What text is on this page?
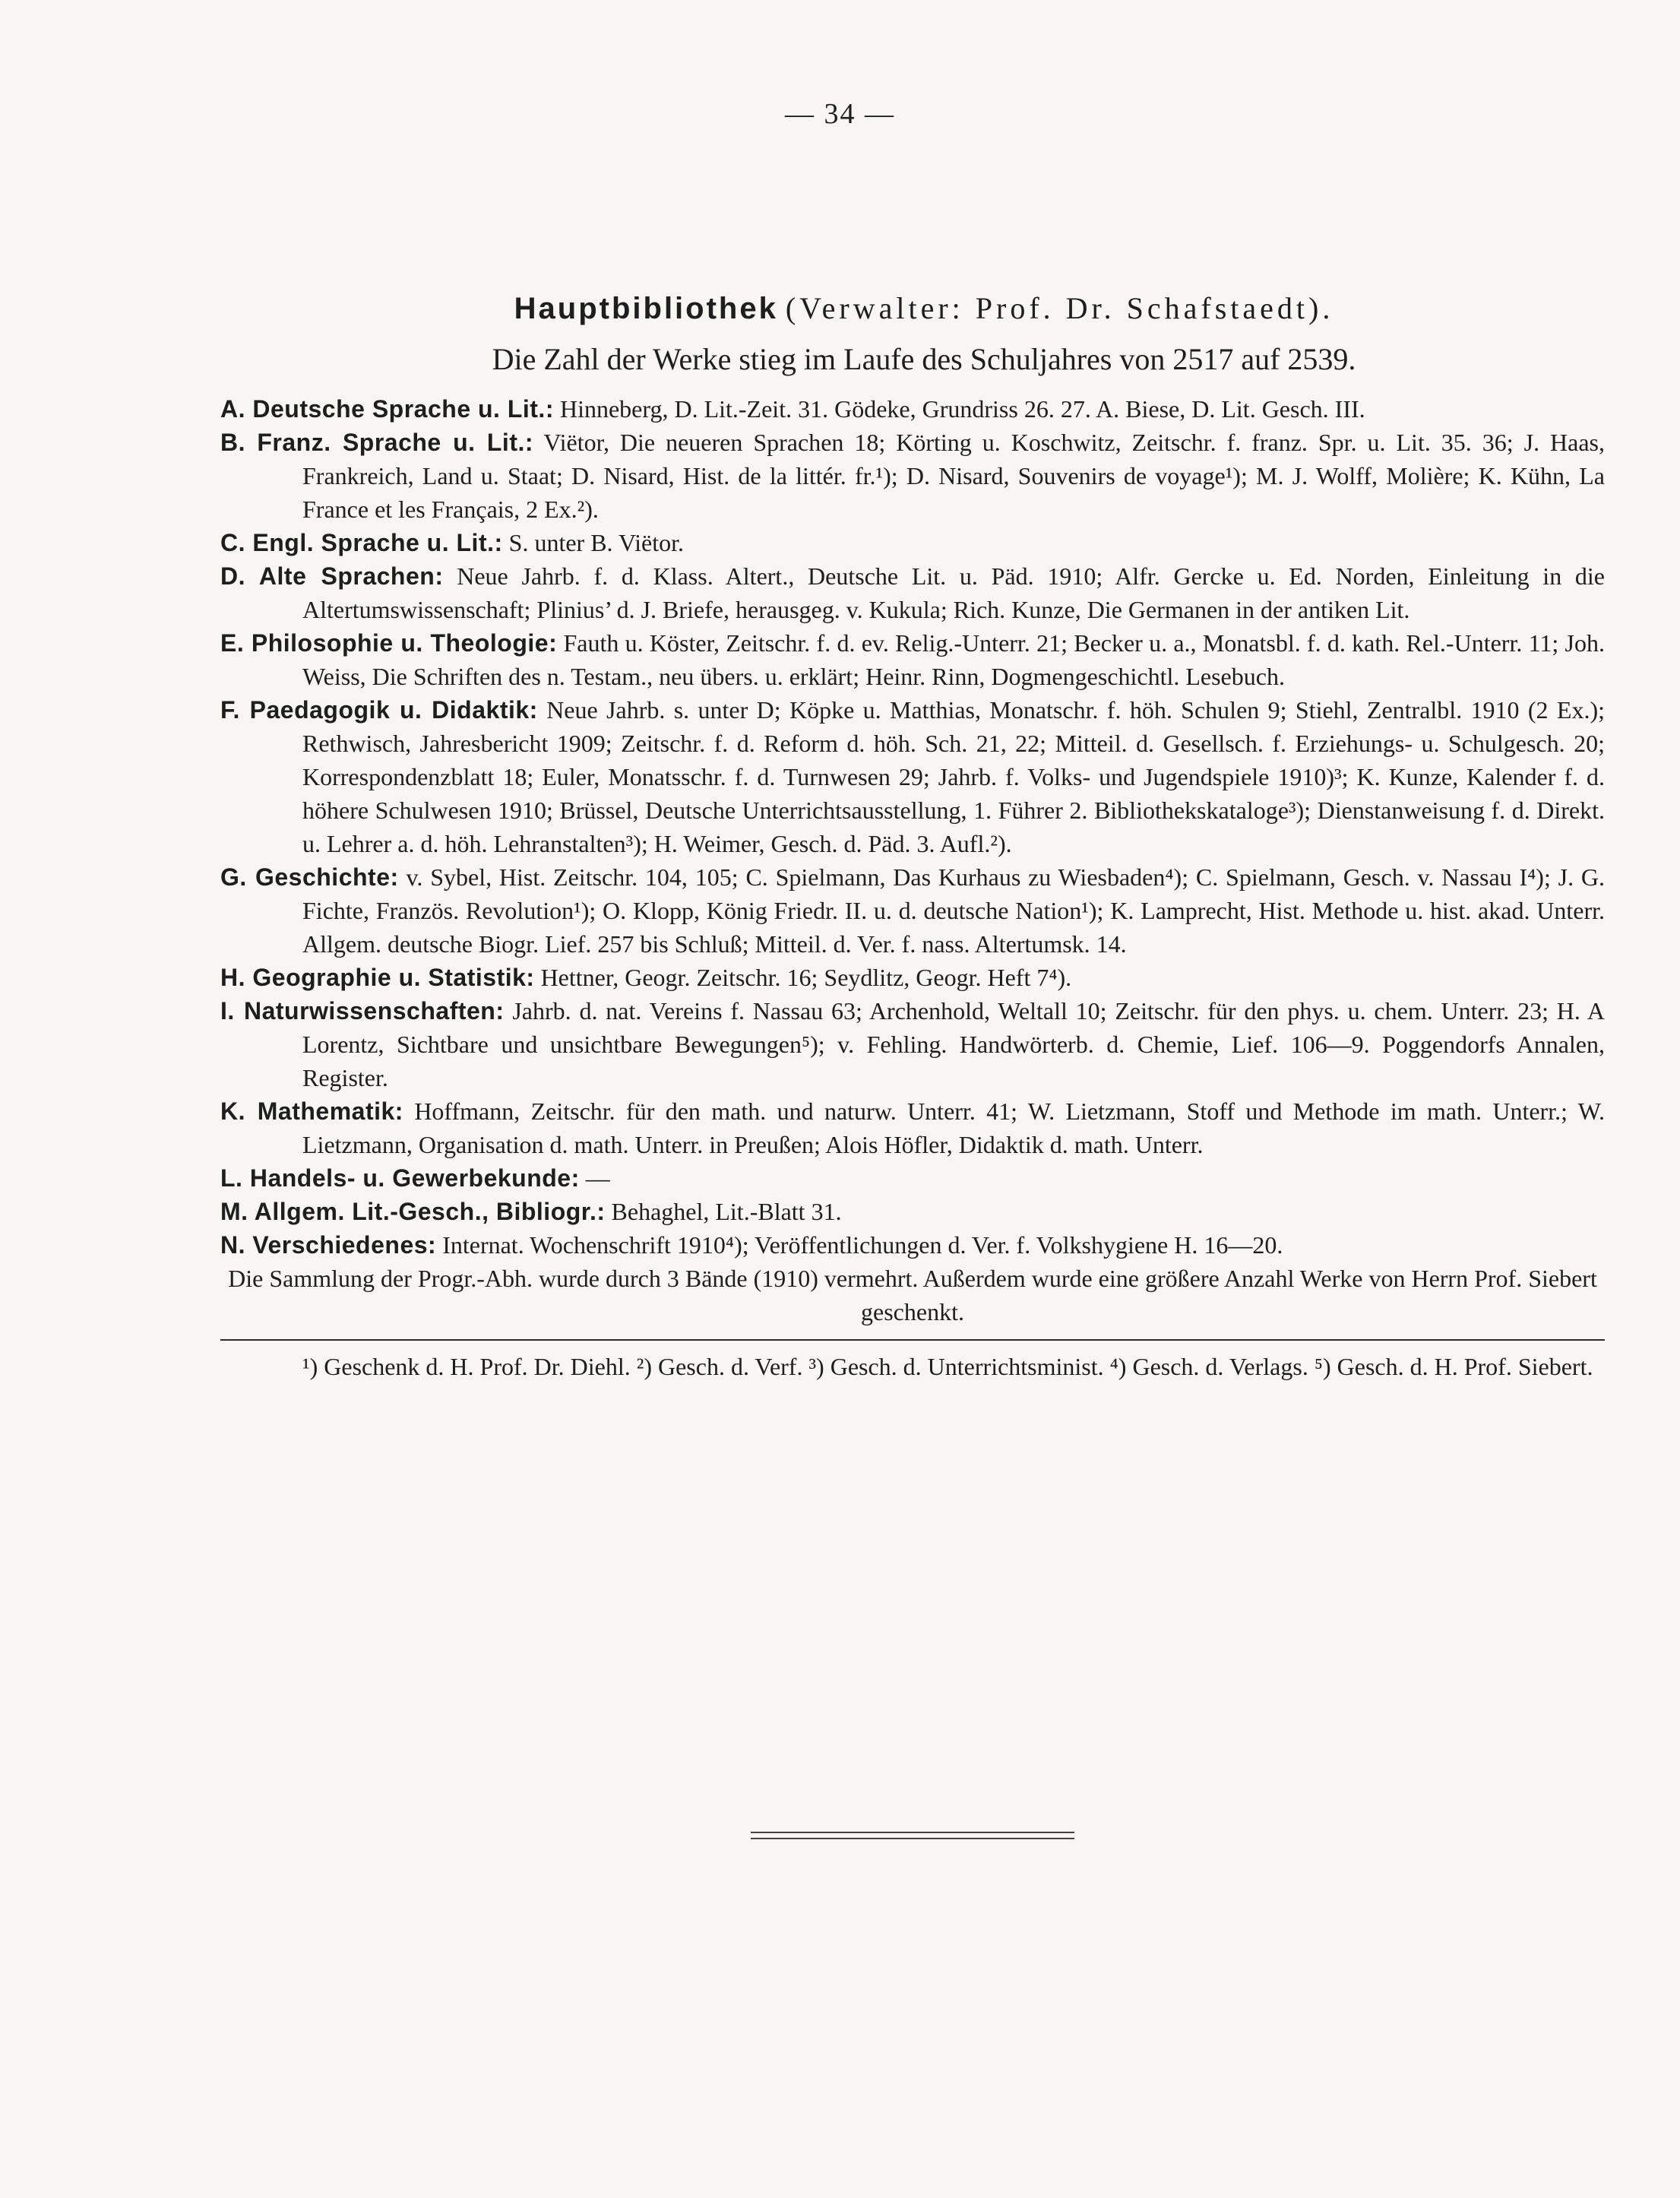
— 34 —
Hauptbibliothek (Verwalter: Prof. Dr. Schafstaedt).
Die Zahl der Werke stieg im Laufe des Schuljahres von 2517 auf 2539.

A. Deutsche Sprache u. Lit.: Hinneberg, D. Lit.-Zeit. 31. Gödeke, Grundriss 26. 27. A. Biese, D. Lit. Gesch. III.

B. Franz. Sprache u. Lit.: Viëtor, Die neueren Sprachen 18; Körting u. Koschwitz, Zeitschr. f. franz. Spr. u. Lit. 35. 36; J. Haas, Frankreich, Land u. Staat; D. Nisard, Hist. de la littér. fr.¹); D. Nisard, Souvenirs de voyage¹); M. J. Wolff, Molière; K. Kühn, La France et les Français, 2 Ex.²).

C. Engl. Sprache u. Lit.: S. unter B. Viëtor.

D. Alte Sprachen: Neue Jahrb. f. d. Klass. Altert., Deutsche Lit. u. Päd. 1910; Alfr. Gercke u. Ed. Norden, Einleitung in die Altertumswissenschaft; Plinius’ d. J. Briefe, herausgeg. v. Kukula; Rich. Kunze, Die Germanen in der antiken Lit.

E. Philosophie u. Theologie: Fauth u. Köster, Zeitschr. f. d. ev. Relig.-Unterr. 21; Becker u. a., Monatsbl. f. d. kath. Rel.-Unterr. 11; Joh. Weiss, Die Schriften des n. Testam., neu übers. u. erklärt; Heinr. Rinn, Dogmengeschichtl. Lesebuch.

F. Paedagogik u. Didaktik: Neue Jahrb. s. unter D; Köpke u. Matthias, Monatschr. f. höh. Schulen 9; Stiehl, Zentralbl. 1910 (2 Ex.); Rethwisch, Jahresbericht 1909; Zeitschr. f. d. Reform d. höh. Sch. 21, 22; Mitteil. d. Gesellsch. f. Erziehungs- u. Schulgesch. 20; Korrespondenzblatt 18; Euler, Monatsschr. f. d. Turnwesen 29; Jahrb. f. Volks- und Jugendspiele 1910)³; K. Kunze, Kalender f. d. höhere Schulwesen 1910; Brüssel, Deutsche Unterrichtsausstellung, 1. Führer 2. Bibliothekskataloge³); Dienstanweisung f. d. Direkt. u. Lehrer a. d. höh. Lehranstalten³); H. Weimer, Gesch. d. Päd. 3. Aufl.²).

G. Geschichte: v. Sybel, Hist. Zeitschr. 104, 105; C. Spielmann, Das Kurhaus zu Wiesbaden⁴); C. Spielmann, Gesch. v. Nassau I⁴); J. G. Fichte, Französ. Revolution¹); O. Klopp, König Friedr. II. u. d. deutsche Nation¹); K. Lamprecht, Hist. Methode u. hist. akad. Unterr. Allgem. deutsche Biogr. Lief. 257 bis Schluß; Mitteil. d. Ver. f. nass. Altertumsk. 14.

H. Geographie u. Statistik: Hettner, Geogr. Zeitschr. 16; Seydlitz, Geogr. Heft 7⁴).

I. Naturwissenschaften: Jahrb. d. nat. Vereins f. Nassau 63; Archenhold, Weltall 10; Zeitschr. für den phys. u. chem. Unterr. 23; H. A Lorentz, Sichtbare und unsichtbare Bewegungen⁵); v. Fehling. Handwörterb. d. Chemie, Lief. 106—9. Poggendorfs Annalen, Register.

K. Mathematik: Hoffmann, Zeitschr. für den math. und naturw. Unterr. 41; W. Lietzmann, Stoff und Methode im math. Unterr.; W. Lietzmann, Organisation d. math. Unterr. in Preußen; Alois Höfler, Didaktik d. math. Unterr.

L. Handels- u. Gewerbekunde: —

M. Allgem. Lit.-Gesch., Bibliogr.: Behaghel, Lit.-Blatt 31.

N. Verschiedenes: Internat. Wochenschrift 1910⁴); Veröffentlichungen d. Ver. f. Volkshygiene H. 16—20.

Die Sammlung der Progr.-Abh. wurde durch 3 Bände (1910) vermehrt. Außerdem wurde eine größere Anzahl Werke von Herrn Prof. Siebert geschenkt.

¹) Geschenk d. H. Prof. Dr. Diehl. ²) Gesch. d. Verf. ³) Gesch. d. Unterrichtsminist. ⁴) Gesch. d. Verlags. ⁵) Gesch. d. H. Prof. Siebert.
